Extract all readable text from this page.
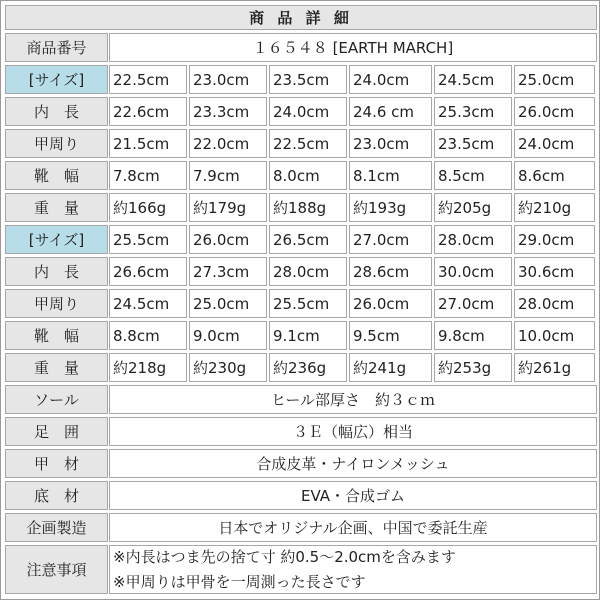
商 品 詳 細
商品番号	１６５４８ [EARTH MARCH]
[サイズ]	22.5cm	23.0cm	23.5cm	24.0cm	24.5cm	25.0cm
内　長	22.6cm	23.3cm	24.0cm	24.6 cm	25.3cm	26.0cm
甲周り	21.5cm	22.0cm	22.5cm	23.0cm	23.5cm	24.0cm
靴　幅	7.8cm	7.9cm	8.0cm	8.1cm	8.5cm	8.6cm
重　量	約166g	約179g	約188g	約193g	約205g	約210g
[サイズ]	25.5cm	26.0cm	26.5cm	27.0cm	28.0cm	29.0cm
内　長	26.6cm	27.3cm	28.0cm	28.6cm	30.0cm	30.6cm
甲周り	24.5cm	25.0cm	25.5cm	26.0cm	27.0cm	28.0cm
靴　幅	8.8cm	9.0cm	9.1cm	9.5cm	9.8cm	10.0cm
重　量	約218g	約230g	約236g	約241g	約253g	約261g
ソール	ヒール部厚さ　約３ｃｍ
足　囲	３Ｅ（幅広）相当
甲　材	合成皮革・ナイロンメッシュ
底　材	EVA・合成ゴム
企画製造	日本でオリジナル企画、中国で委託生産
注意事項
※内長はつま先の捨て寸 約0.5～2.0cmを含みます
※甲周りは甲骨を一周測った長さです
